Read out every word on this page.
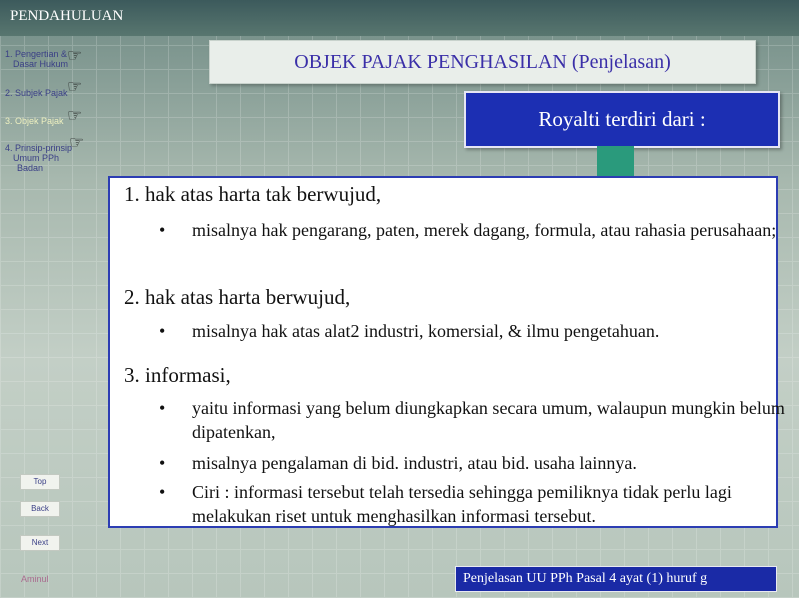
PENDAHULUAN
OBJEK PAJAK PENGHASILAN (Penjelasan)
1. Pengertian &
Dasar Hukum
☞
2. Subjek Pajak ☞
3. Objek Pajak ☞
4. Prinsip-prinsip
Umum PPh
Badan
☞
Royalti terdiri dari :
1. hak atas harta tak berwujud,
• misalnya hak pengarang, paten, merek dagang, formula, atau rahasia perusahaan;
2. hak atas harta berwujud,
• misalnya hak atas alat2 industri, komersial, & ilmu pengetahuan.
3. informasi,
• yaitu informasi yang belum diungkapkan secara umum, walaupun mungkin belum dipatenkan,
• misalnya pengalaman di bid. industri, atau bid. usaha lainnya.
• Ciri : informasi tersebut telah tersedia sehingga pemiliknya tidak perlu lagi melakukan riset untuk menghasilkan informasi tersebut.
Top
Back
Next
Aminul	Penjelasan UU PPh Pasal 4 ayat (1) huruf g
